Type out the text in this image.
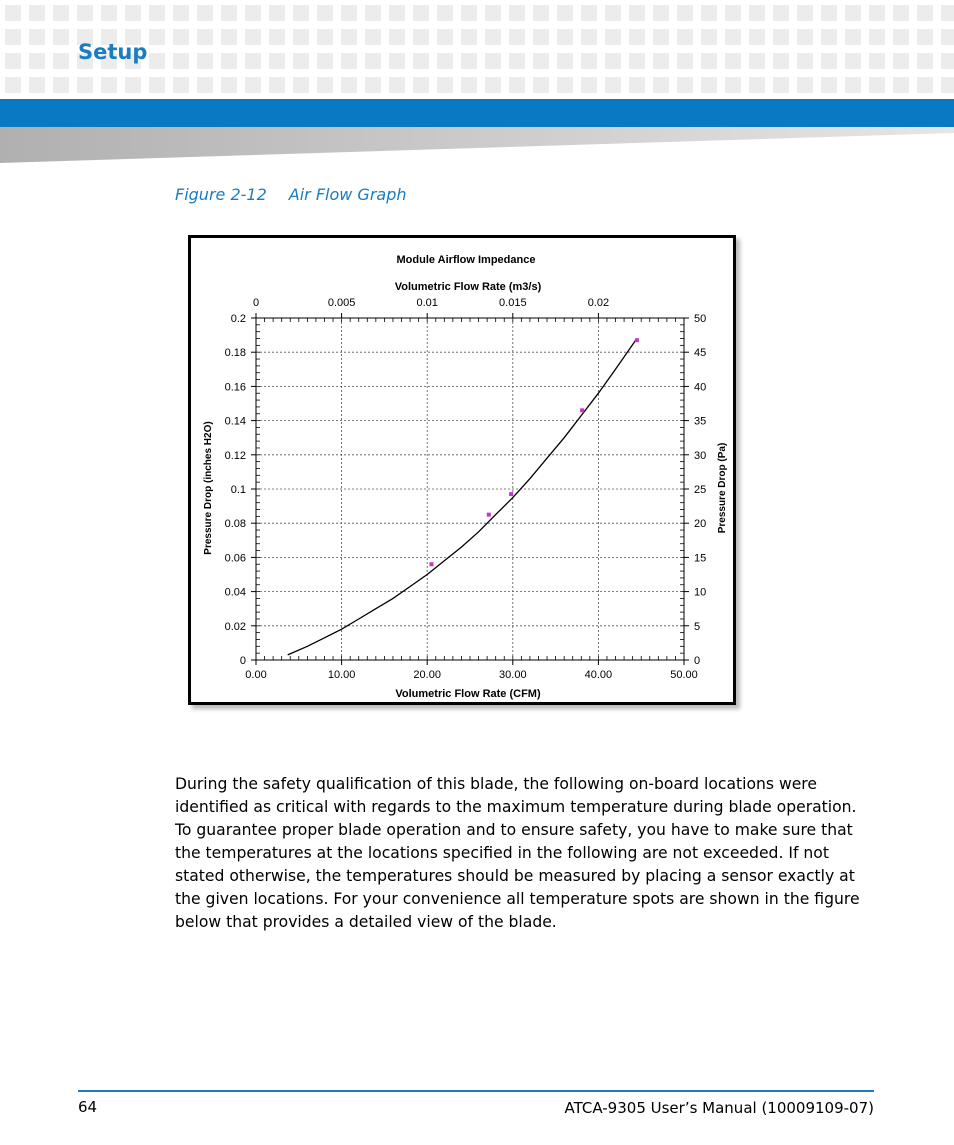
Setup
Figure 2-12 Air Flow Graph
Module Airflow Impedance
Volumetric Flow Rate (m3/s)
Volumetric Flow Rate (CFM)
Pressure Drop (inches H2O)	Pressure Drop (Pa)
0.00	10.00	20.00	30.00	40.00	50.00
0	0.005	0.01	0.015	0.02
0
0.02
0.04
0.06
0.08
0.1
0.12
0.14
0.16
0.18
0.2
0
5
10
15
20
25
30
35
40
45
50

During the safety qualification of this blade, the following on-board locations were identified as critical with regards to the maximum temperature during blade operation. To guarantee proper blade operation and to ensure safety, you have to make sure that the temperatures at the locations specified in the following are not exceeded. If not stated otherwise, the temperatures should be measured by placing a sensor exactly at the given locations. For your convenience all temperature spots are shown in the figure below that provides a detailed view of the blade.

64	ATCA-9305 User’s Manual (10009109-07)
